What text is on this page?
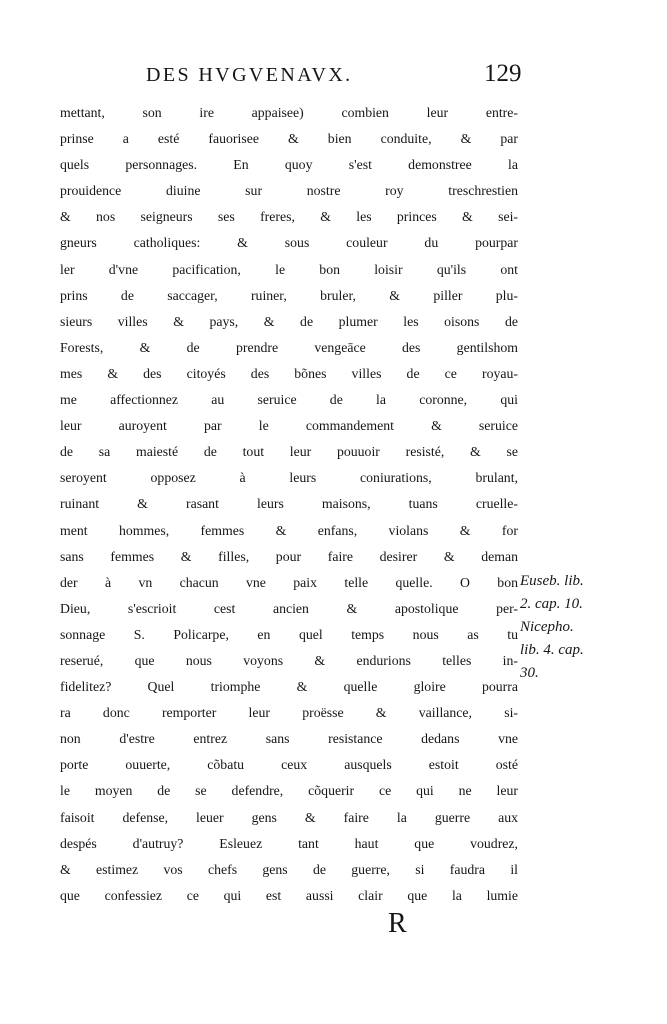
DES HVGVENAVX.	129
mettant, son ire appaisee) combien leur entre-
prinse a esté fauorisee & bien conduite, & par
quels personnages. En quoy s'est demonstree la
prouidence diuine sur nostre roy treschrestien
& nos seigneurs ses freres, & les princes & sei-
gneurs catholiques: & sous couleur du pourpar
ler d'vne pacification, le bon loisir qu'ils ont
prins de saccager, ruiner, bruler, & piller plu-
sieurs villes & pays, & de plumer les oisons de
Forests, & de prendre vengeāce des gentilshom
mes & des citoyés des bõnes villes de ce royau-
me affectionnez au seruice de la coronne, qui
leur auroyent par le commandement & seruice
de sa maiesté de tout leur pouuoir resisté, & se
seroyent opposez à leurs coniurations, brulant,
ruinant & rasant leurs maisons, tuans cruelle-
ment hommes, femmes & enfans, violans & for
sans femmes & filles, pour faire desirer & deman
der à vn chacun vne paix telle quelle. O bon
Dieu, s'escrioit cest ancien & apostolique per-
sonnage S. Policarpe, en quel temps nous as tu
reserué, que nous voyons & endurions telles in-
fidelitez? Quel triomphe & quelle gloire pourra
ra donc remporter leur proësse & vaillance, si-
non d'estre entrez sans resistance dedans vne
porte ouuerte, cõbatu ceux ausquels estoit osté
le moyen de se defendre, cõquerir ce qui ne leur
faisoit defense, leuer gens & faire la guerre aux
despés d'autruy? Esleuez tant haut que voudrez,
& estimez vos chefs gens de guerre, si faudra il
que confessiez ce qui est aussi clair que la lumie
Euseb. lib.
2. cap. 10.
Nicepho.
lib. 4. cap.
30.
R
